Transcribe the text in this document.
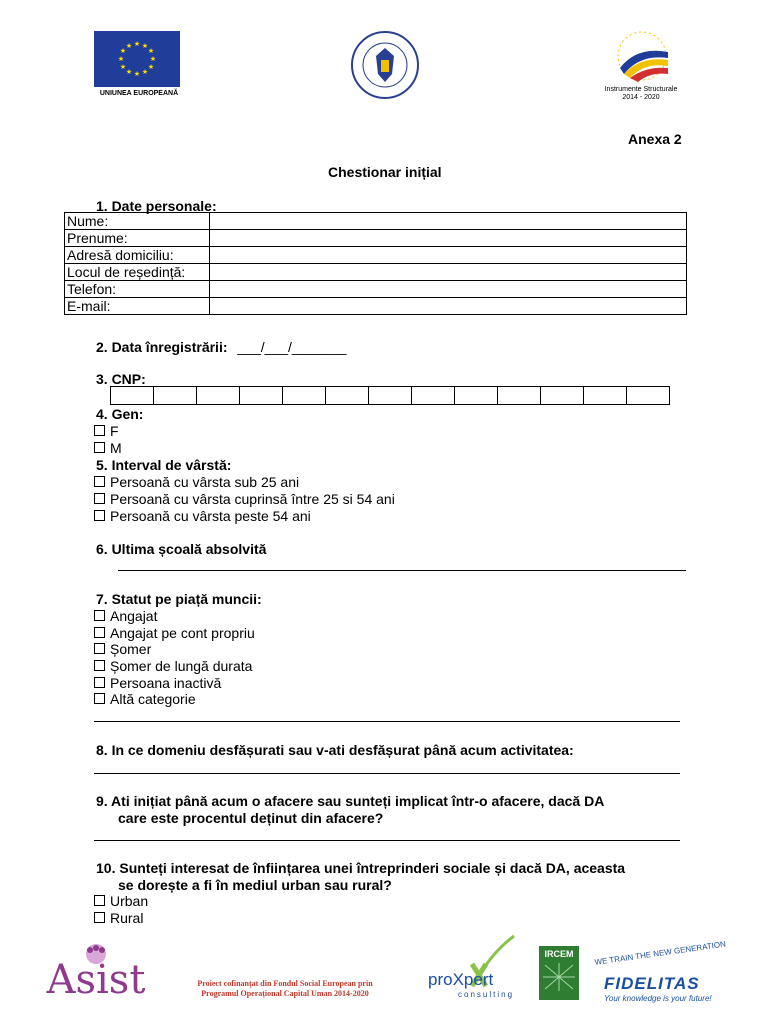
★ ★
★
★
★
★
★
★
★
★
★
★
UNIUNEA EUROPEANĂ
Instrumente Structurale
2014 - 2020
Anexa 2
Chestionar inițial
1. Date personale:
Nume:	
Prenume:	
Adresă domiciliu:	
Locul de reședință:	
Telefon:	
E-mail:	
2. Data înregistrării: ___/___/_______
3. CNP:

4. Gen:
F
M
5. Interval de vârstă:
Persoană cu vârsta sub 25 ani
Persoană cu vârsta cuprinsă între 25 si 54 ani
Persoană cu vârsta peste 54 ani
6. Ultima școală absolvită
7. Statut pe piață muncii:
Angajat
Angajat pe cont propriu
Șomer
Șomer de lungă durata
Persoana inactivă
Altă categorie
8. In ce domeniu desfășurati sau v-ati desfășurat până acum activitatea:
9. Ati inițiat până acum o afacere sau sunteți implicat într-o afacere, dacă DA
care este procentul deținut din afacere?
10. Sunteți interesat de înființarea unei întreprinderi sociale și dacă DA, aceasta
se dorește a fi în mediul urban sau rural?
Urban
Rural
Asist	Proiect cofinanțat din Fondul Social European prin
Programul Operațional Capital Uman 2014-2020
proXpert
consulting
IRCEM	WE TRAIN THE NEW GENERATION
FIDELITAS
Your knowledge is your future!
